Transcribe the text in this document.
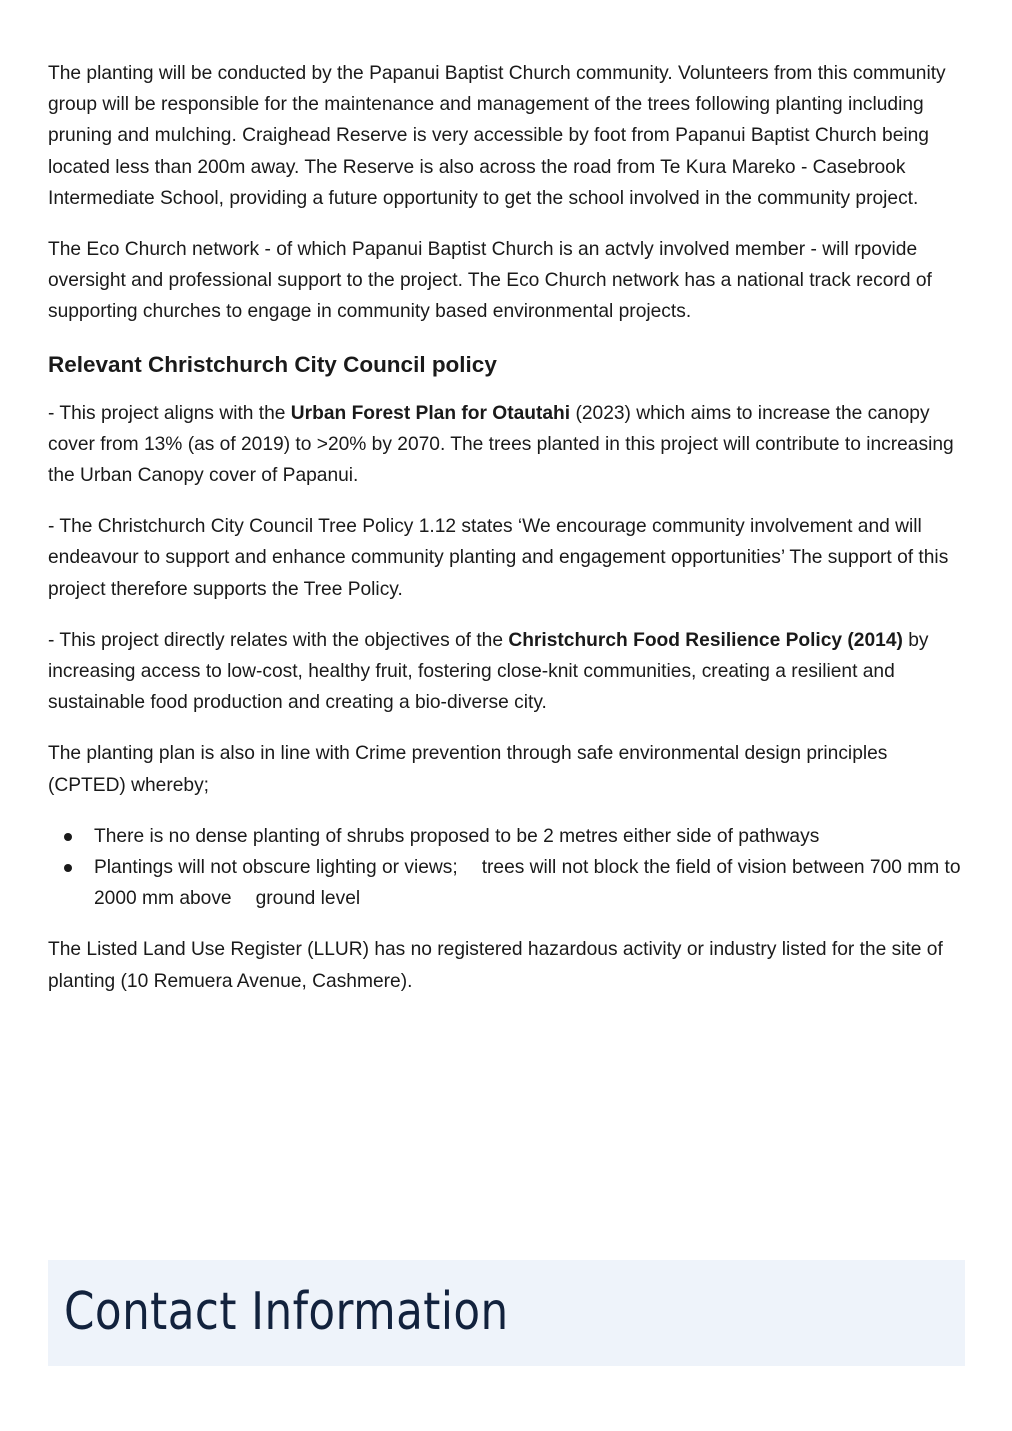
The planting will be conducted by the Papanui Baptist Church community. Volunteers from this community group will be responsible for the maintenance and management of the trees following planting including pruning and mulching. Craighead Reserve is very accessible by foot from Papanui Baptist Church being located less than 200m away. The Reserve is also across the road from Te Kura Mareko - Casebrook Intermediate School, providing a future opportunity to get the school involved in the community project.

The Eco Church network - of which Papanui Baptist Church is an actvly involved member - will rpovide oversight and professional support to the project. The Eco Church network has a national track record of supporting churches to engage in community based environmental projects.

Relevant Christchurch City Council policy

- This project aligns with the Urban Forest Plan for Otautahi (2023) which aims to increase the canopy cover from 13% (as of 2019) to >20% by 2070. The trees planted in this project will contribute to increasing the Urban Canopy cover of Papanui.

- The Christchurch City Council Tree Policy 1.12 states ‘We encourage community involvement and will endeavour to support and enhance community planting and engagement opportunities’ The support of this project therefore supports the Tree Policy.

- This project directly relates with the objectives of the Christchurch Food Resilience Policy (2014) by increasing access to low-cost, healthy fruit, fostering close-knit communities, creating a resilient and sustainable food production and creating a bio-diverse city.

The planting plan is also in line with Crime prevention through safe environmental design principles (CPTED) whereby;

There is no dense planting of shrubs proposed to be 2 metres either side of pathways
Plantings will not obscure lighting or views; trees will not block the field of vision between 700 mm to 2000 mm above ground level

The Listed Land Use Register (LLUR) has no registered hazardous activity or industry listed for the site of planting (10 Remuera Avenue, Cashmere).

Contact Information
